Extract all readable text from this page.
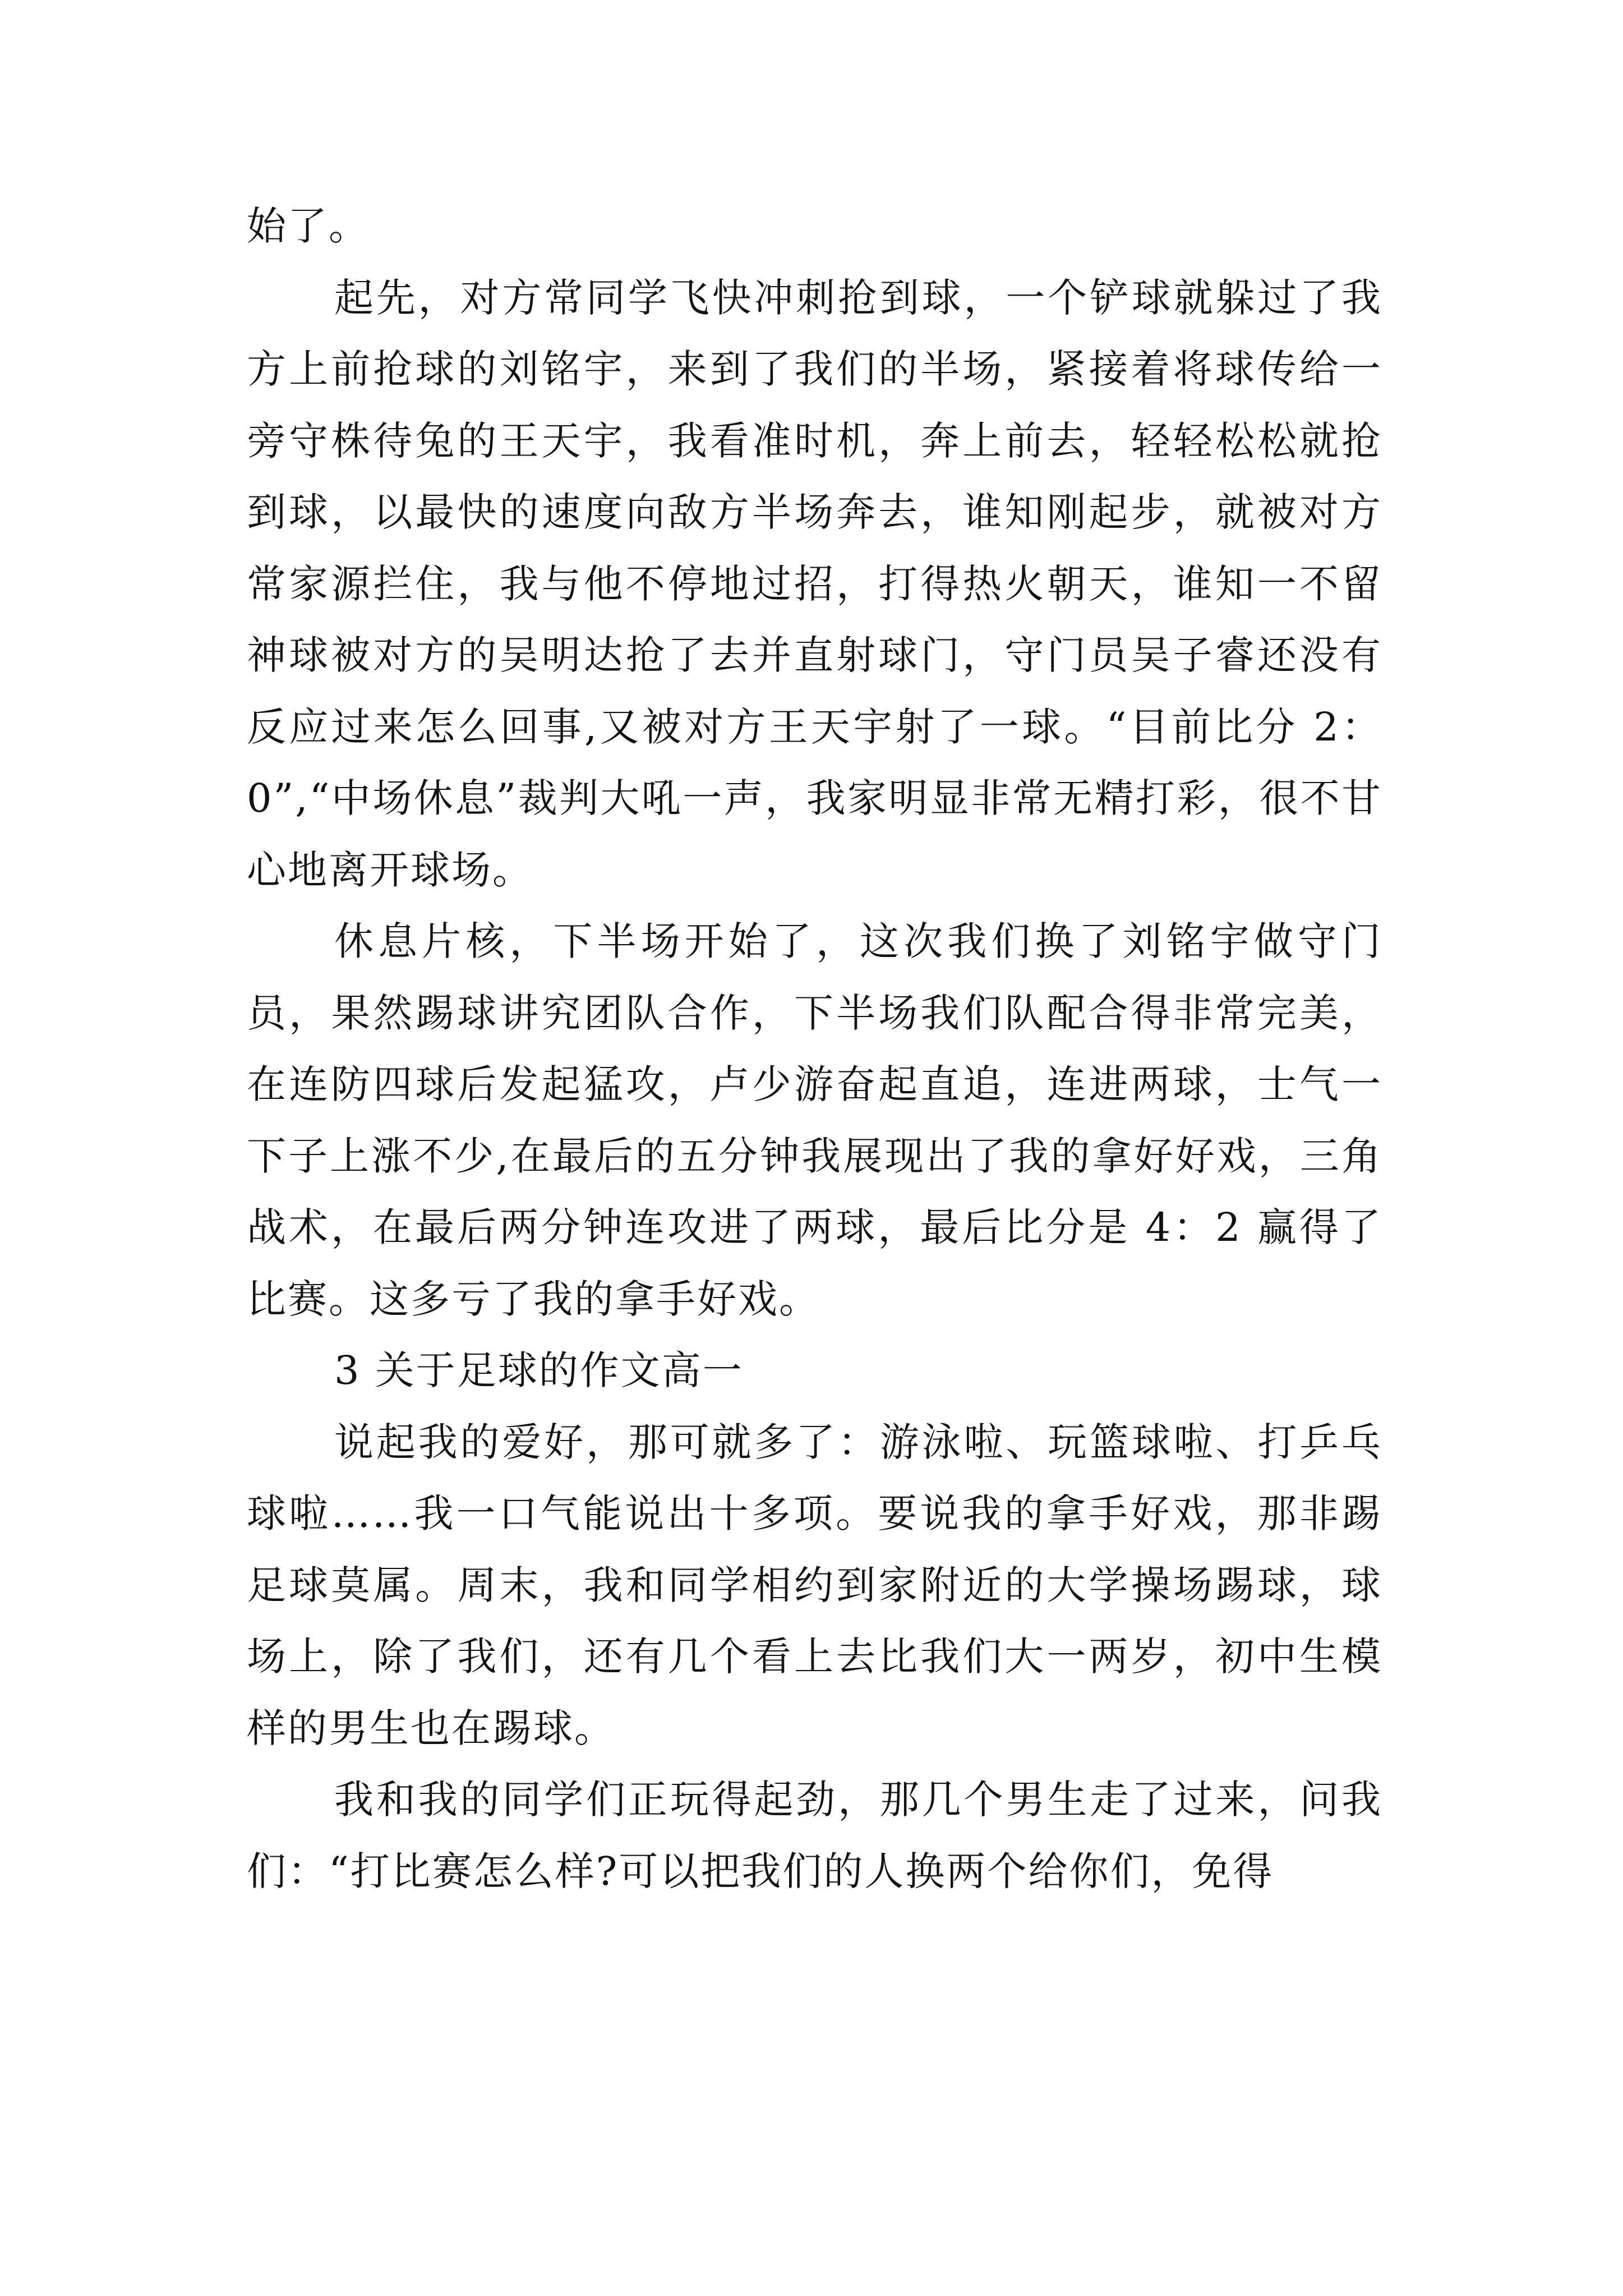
始了。

起先，对方常同学飞快冲刺抢到球，一个铲球就躲过了我方上前抢球的刘铭宇，来到了我们的半场，紧接着将球传给一旁守株待兔的王天宇，我看准时机，奔上前去，轻轻松松就抢到球，以最快的速度向敌方半场奔去，谁知刚起步，就被对方常家源拦住，我与他不停地过招，打得热火朝天，谁知一不留神球被对方的吴明达抢了去并直射球门，守门员吴子睿还没有反应过来怎么回事,又被对方王天宇射了一球。“目前比分 2：0”,“中场休息”裁判大吼一声，我家明显非常无精打彩，很不甘心地离开球场。

休息片核，下半场开始了，这次我们换了刘铭宇做守门员，果然踢球讲究团队合作，下半场我们队配合得非常完美，在连防四球后发起猛攻，卢少游奋起直追，连进两球，士气一下子上涨不少,在最后的五分钟我展现出了我的拿好好戏，三角战术，在最后两分钟连攻进了两球，最后比分是 4：2 赢得了比赛。这多亏了我的拿手好戏。

3 关于足球的作文高一

说起我的爱好，那可就多了：游泳啦、玩篮球啦、打乒乓球啦……我一口气能说出十多项。要说我的拿手好戏，那非踢足球莫属。周末，我和同学相约到家附近的大学操场踢球，球场上，除了我们，还有几个看上去比我们大一两岁，初中生模样的男生也在踢球。

我和我的同学们正玩得起劲，那几个男生走了过来，问我们：“打比赛怎么样?可以把我们的人换两个给你们，免得
